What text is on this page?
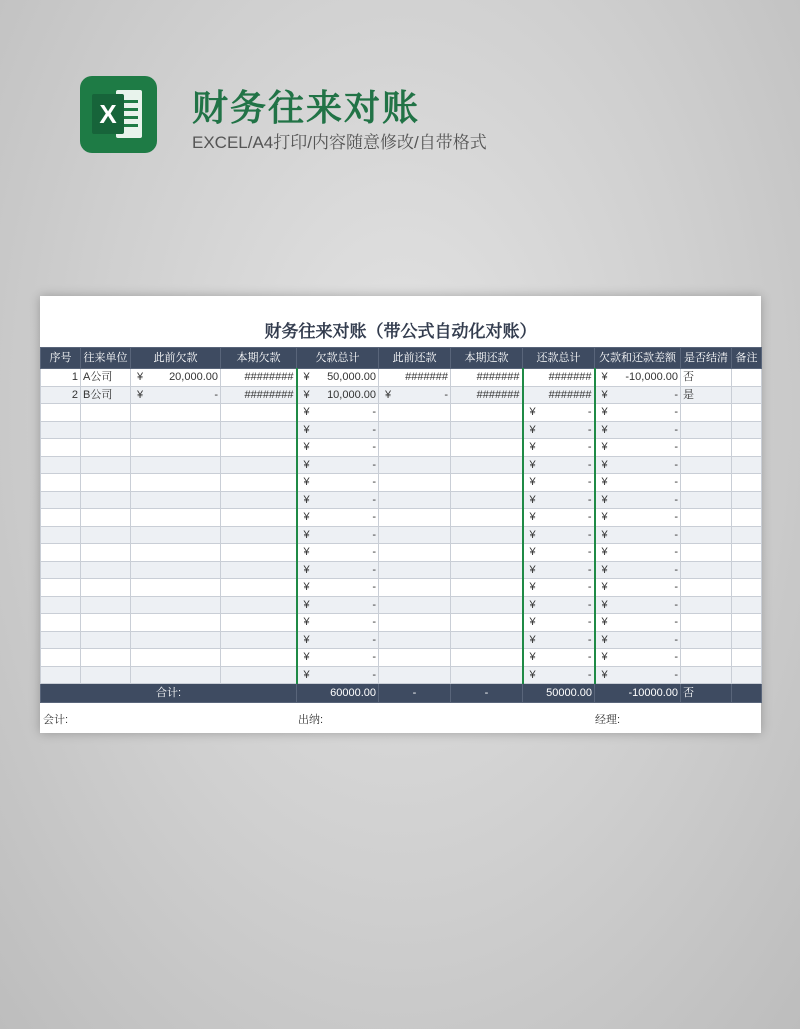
X 财务往来对账
EXCEL/A4打印/内容随意修改/自带格式
财务往来对账（带公式自动化对账）
序号	往来单位	此前欠款	本期欠款	欠款总计	此前还款	本期还款	还款总计	欠款和还款差额	是否结清	备注
1	A公司	¥ 20,000.00	########	¥ 50,000.00	#######	#######	#######	¥ -10,000.00	否	
2	B公司	¥ -	########	¥ 10,000.00	¥ -	#######	#######	¥ -	是	

				¥ -			¥ -	¥ -		

				¥ -			¥ -	¥ -		

				¥ -			¥ -	¥ -		

				¥ -			¥ -	¥ -		

				¥ -			¥ -	¥ -		

				¥ -			¥ -	¥ -		

				¥ -			¥ -	¥ -		

				¥ -			¥ -	¥ -		

				¥ -			¥ -	¥ -		

				¥ -			¥ -	¥ -		

				¥ -			¥ -	¥ -		

				¥ -			¥ -	¥ -		

				¥ -			¥ -	¥ -		

				¥ -			¥ -	¥ -		

				¥ -			¥ -	¥ -		

				¥ -			¥ -	¥ -		

合计:				60000.00	-	-	50000.00	-10000.00	否	
会计:	出纳:	经理:
